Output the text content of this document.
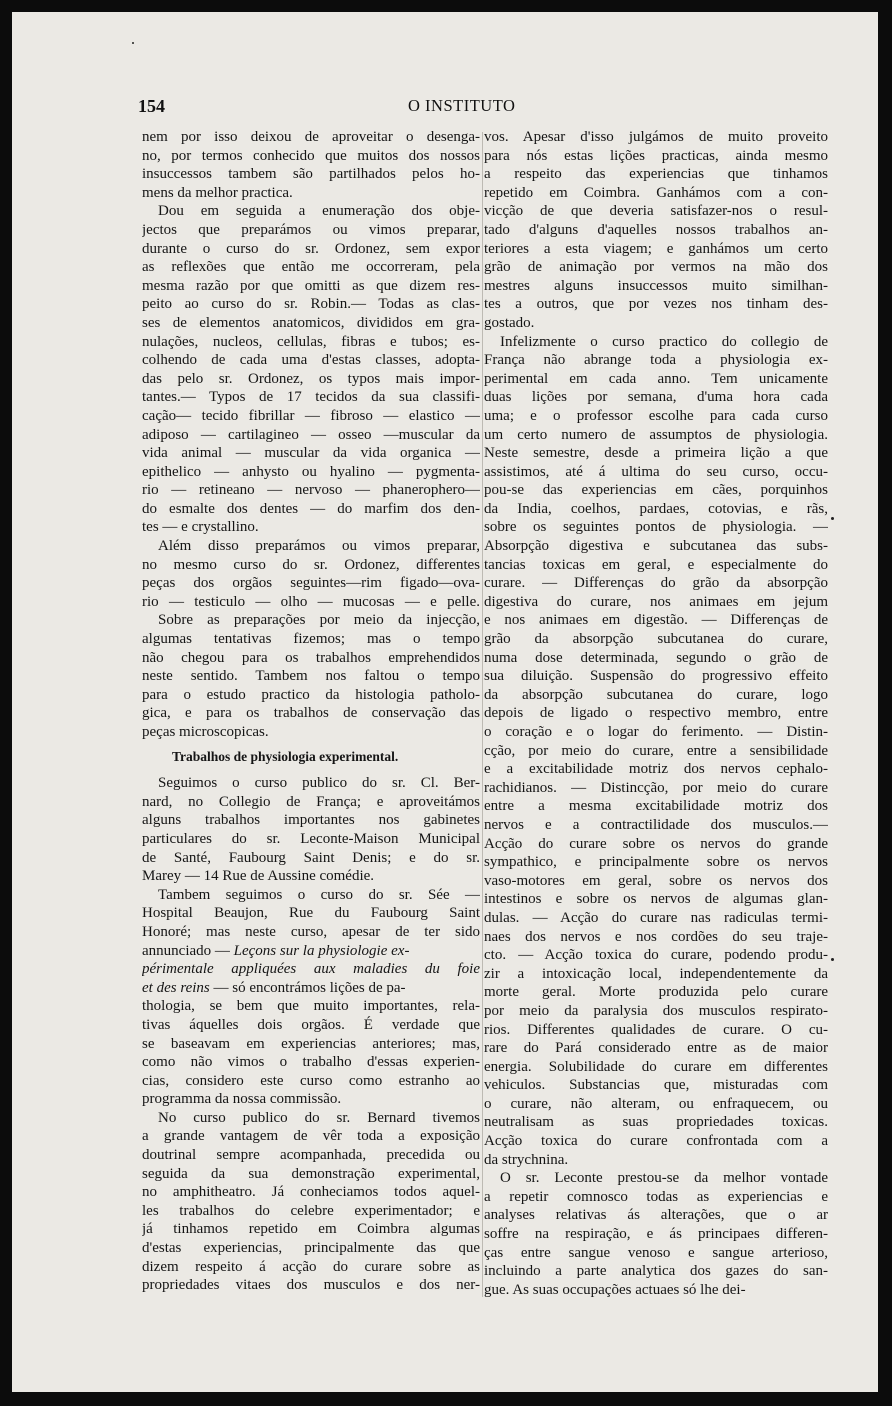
154	O INSTITUTO
nem por isso deixou de aproveitar o desenga-
no, por termos conhecido que muitos dos nossos
insuccessos tambem são partilhados pelos ho-
mens da melhor practica.
Dou em seguida a enumeração dos obje-
jectos que preparámos ou vimos preparar,
durante o curso do sr. Ordonez, sem expor
as reflexões que então me occorreram, pela
mesma razão por que omitti as que dizem res-
peito ao curso do sr. Robin.— Todas as clas-
ses de elementos anatomicos, divididos em gra-
nulações, nucleos, cellulas, fibras e tubos; es-
colhendo de cada uma d'estas classes, adopta-
das pelo sr. Ordonez, os typos mais impor-
tantes.— Typos de 17 tecidos da sua classifi-
cação— tecido fibrillar — fibroso — elastico —
adiposo — cartilagineo — osseo —muscular da
vida animal — muscular da vida organica —
epithelico — anhysto ou hyalino — pygmenta-
rio — retineano — nervoso — phanerophero—
do esmalte dos dentes — do marfim dos den-
tes — e crystallino.
Além disso preparámos ou vimos preparar,
no mesmo curso do sr. Ordonez, differentes
peças dos orgãos seguintes—rim figado—ova-
rio — testiculo — olho — mucosas — e pelle.
Sobre as preparações por meio da injecção,
algumas tentativas fizemos; mas o tempo
não chegou para os trabalhos emprehendidos
neste sentido. Tambem nos faltou o tempo
para o estudo practico da histologia patholo-
gica, e para os trabalhos de conservação das
peças microscopicas.
Trabalhos de physiologia experimental.
Seguimos o curso publico do sr. Cl. Ber-
nard, no Collegio de França; e aproveitámos
alguns trabalhos importantes nos gabinetes
particulares do sr. Leconte-Maison Municipal
de Santé, Faubourg Saint Denis; e do sr.
Marey — 14 Rue de Aussine comédie.
Tambem seguimos o curso do sr. Sée —
Hospital Beaujon, Rue du Faubourg Saint
Honoré; mas neste curso, apesar de ter sido
annunciado — Leçons sur la physiologie ex-
périmentale appliquées aux maladies du foie
et des reins — só encontrámos lições de pa-
thologia, se bem que muito importantes, rela-
tivas áquelles dois orgãos. É verdade que
se baseavam em experiencias anteriores; mas,
como não vimos o trabalho d'essas experien-
cias, considero este curso como estranho ao
programma da nossa commissão.
No curso publico do sr. Bernard tivemos
a grande vantagem de vêr toda a exposição
doutrinal sempre acompanhada, precedida ou
seguida da sua demonstração experimental,
no amphitheatro. Já conheciamos todos aquel-
les trabalhos do celebre experimentador; e
já tinhamos repetido em Coimbra algumas
d'estas experiencias, principalmente das que
dizem respeito á acção do curare sobre as
propriedades vitaes dos musculos e dos ner-
vos. Apesar d'isso julgámos de muito proveito
para nós estas lições practicas, ainda mesmo
a respeito das experiencias que tinhamos
repetido em Coimbra. Ganhámos com a con-
vicção de que deveria satisfazer-nos o resul-
tado d'alguns d'aquelles nossos trabalhos an-
teriores a esta viagem; e ganhámos um certo
grão de animação por vermos na mão dos
mestres alguns insuccessos muito similhan-
tes a outros, que por vezes nos tinham des-
gostado.
Infelizmente o curso practico do collegio de
França não abrange toda a physiologia ex-
perimental em cada anno. Tem unicamente
duas lições por semana, d'uma hora cada
uma; e o professor escolhe para cada curso
um certo numero de assumptos de physiologia.
Neste semestre, desde a primeira lição a que
assistimos, até á ultima do seu curso, occu-
pou-se das experiencias em cães, porquinhos
da India, coelhos, pardaes, cotovias, e rãs,
sobre os seguintes pontos de physiologia. —
Absorpção digestiva e subcutanea das subs-
tancias toxicas em geral, e especialmente do
curare. — Differenças do grão da absorpção
digestiva do curare, nos animaes em jejum
e nos animaes em digestão. — Differenças de
grão da absorpção subcutanea do curare,
numa dose determinada, segundo o grão de
sua diluição. Suspensão do progressivo effeito
da absorpção subcutanea do curare, logo
depois de ligado o respectivo membro, entre
o coração e o logar do ferimento. — Distin-
cção, por meio do curare, entre a sensibilidade
e a excitabilidade motriz dos nervos cephalo-
rachidianos. — Distincção, por meio do curare
entre a mesma excitabilidade motriz dos
nervos e a contractilidade dos musculos.—
Acção do curare sobre os nervos do grande
sympathico, e principalmente sobre os nervos
vaso-motores em geral, sobre os nervos dos
intestinos e sobre os nervos de algumas glan-
dulas. — Acção do curare nas radiculas termi-
naes dos nervos e nos cordões do seu traje-
cto. — Acção toxica do curare, podendo produ-
zir a intoxicação local, independentemente da
morte geral. Morte produzida pelo curare
por meio da paralysia dos musculos respirato-
rios. Differentes qualidades de curare. O cu-
rare do Pará considerado entre as de maior
energia. Solubilidade do curare em differentes
vehiculos. Substancias que, misturadas com
o curare, não alteram, ou enfraquecem, ou
neutralisam as suas propriedades toxicas.
Acção toxica do curare confrontada com a
da strychnina.
O sr. Leconte prestou-se da melhor vontade
a repetir comnosco todas as experiencias e
analyses relativas ás alterações, que o ar
soffre na respiração, e ás principaes differen-
ças entre sangue venoso e sangue arterioso,
incluindo a parte analytica dos gazes do san-
gue. As suas occupações actuaes só lhe dei-
